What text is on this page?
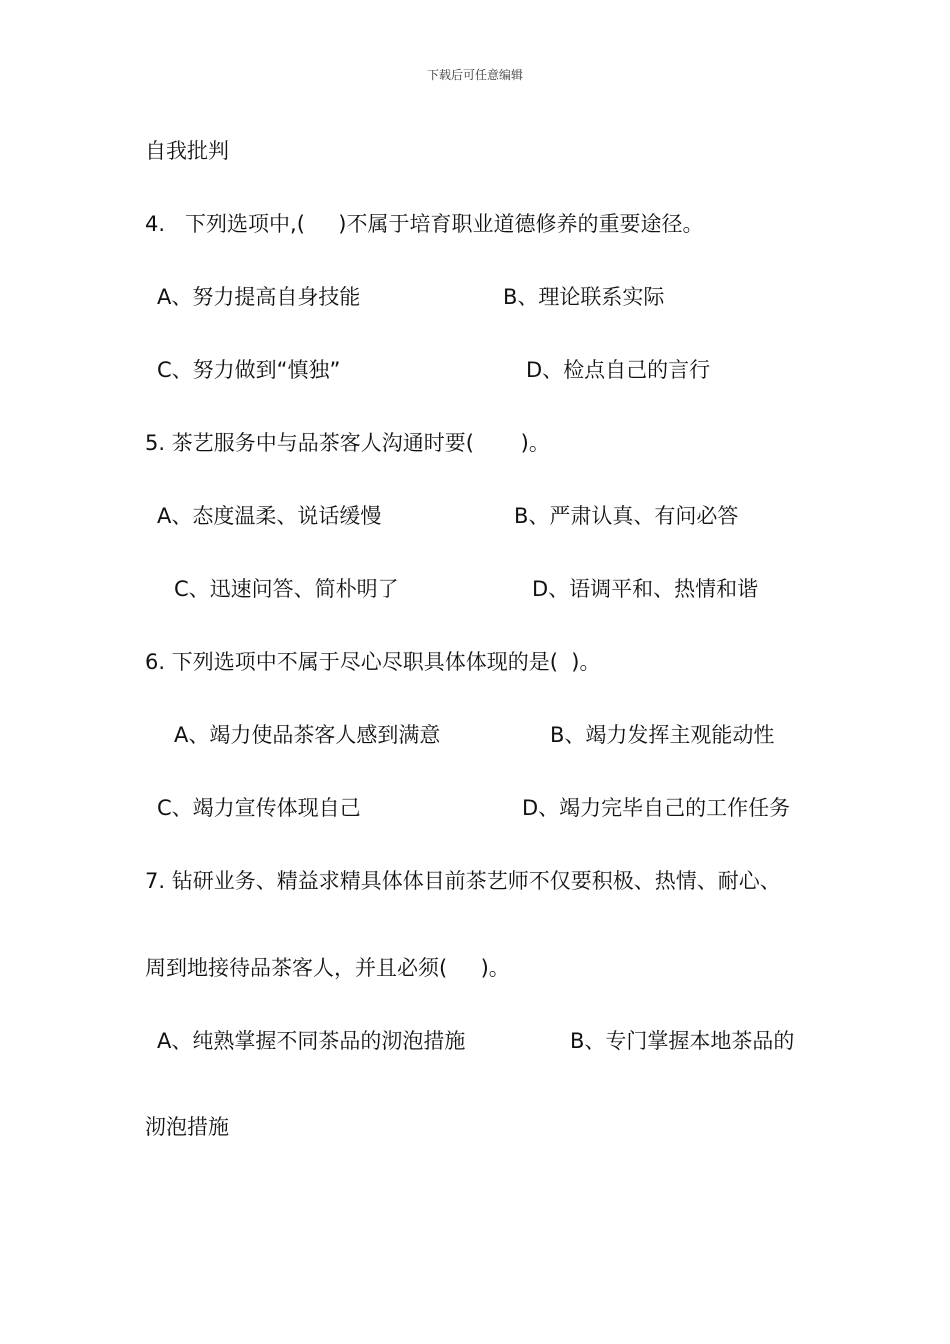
下载后可任意编辑
自我批判
4.   下列选项中,(     )不属于培育职业道德修养的重要途径。
A、努力提高自身技能	B、理论联系实际
C、努力做到“慎独”	D、检点自己的言行
5. 茶艺服务中与品茶客人沟通时要(       )。
A、态度温柔、说话缓慢	B、严肃认真、有问必答
C、迅速问答、简朴明了	D、语调平和、热情和谐
6. 下列选项中不属于尽心尽职具体体现的是(  )。
A、竭力使品茶客人感到满意	B、竭力发挥主观能动性
C、竭力宣传体现自己	D、竭力完毕自己的工作任务
7. 钻研业务、精益求精具体体目前茶艺师不仅要积极、热情、耐心、
周到地接待品茶客人，并且必须(     )。
A、纯熟掌握不同茶品的沏泡措施	B、专门掌握本地茶品的
沏泡措施
